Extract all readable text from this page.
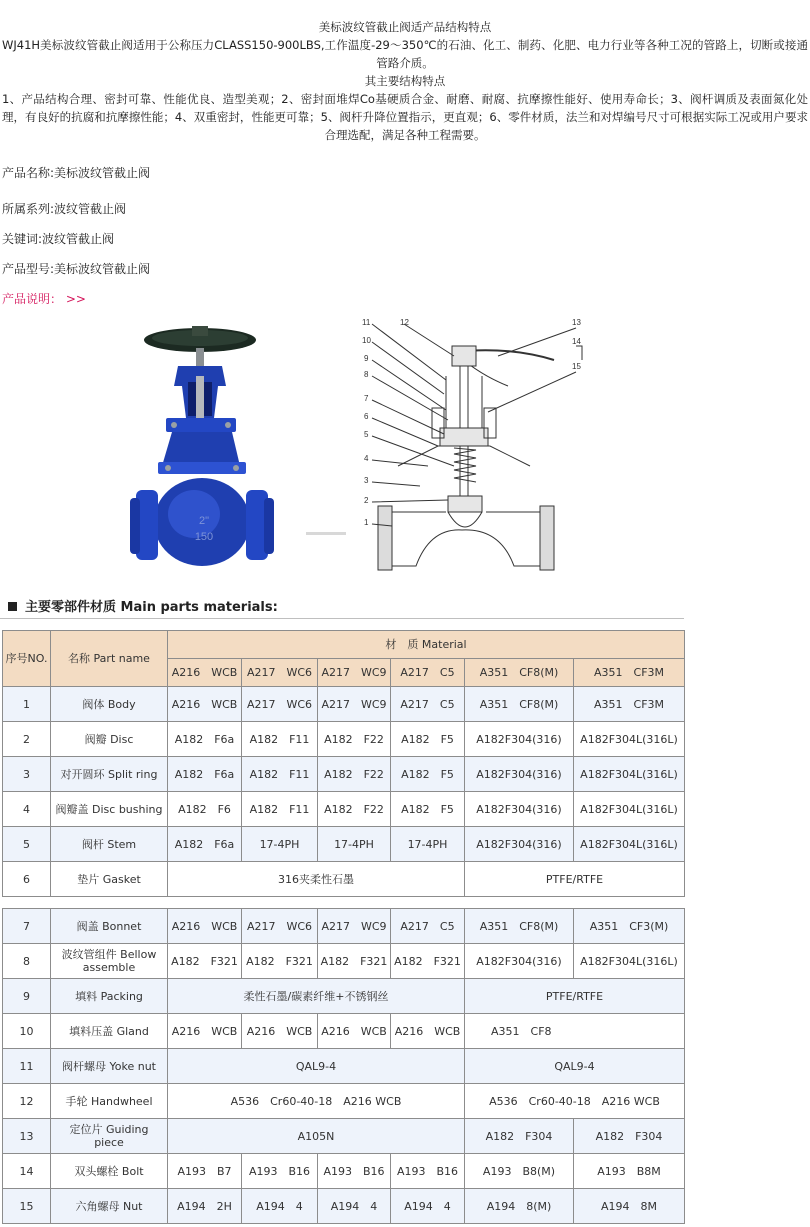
美标波纹管截止阀适产品结构特点

WJ41H美标波纹管截止阀适用于公称压力CLASS150-900LBS,工作温度-29～350℃的石油、化工、制药、化肥、电力行业等各种工况的管路上，切断或接通管路介质。

其主要结构特点

1、产品结构合理、密封可靠、性能优良、造型美观；2、密封面堆焊Co基硬质合金、耐磨、耐腐、抗摩擦性能好、使用寿命长；3、阀杆调质及表面氮化处理，有良好的抗腐和抗摩擦性能；4、双重密封，性能更可靠；5、阀杆升降位置指示，更直观；6、零件材质，法兰和对焊编号尺寸可根据实际工况或用户要求合理选配，满足各种工程需要。

产品名称:美标波纹管截止阀
所属系列:波纹管截止阀
关键词:波纹管截止阀
产品型号:美标波纹管截止阀
产品说明： >>
2"
150
1
2
3
4
5
6
7
8
9
10
11	12	13
14
15
主要零部件材质 Main parts materials:
序号NO.	名称 Part name	材　质 Material					
		A216　WCB	A217　WC6	A217　WC9	A217　C5	A351　CF8(M)	A351　CF3M
1	阀体 Body	A216　WCB	A217　WC6	A217　WC9	A217　C5	A351　CF8(M)	A351　CF3M
2	阀瓣 Disc	A182　F6a	A182　F11	A182　F22	A182　F5	A182F304(316)	A182F304L(316L)
3	对开圆环 Split ring	A182　F6a	A182　F11	A182　F22	A182　F5	A182F304(316)	A182F304L(316L)
4	阀瓣盖 Disc bushing	A182　F6	A182　F11	A182　F22	A182　F5	A182F304(316)	A182F304L(316L)
5	阀杆 Stem	A182　F6a	17-4PH	17-4PH	17-4PH	A182F304(316)	A182F304L(316L)
6	垫片 Gasket	316夹柔性石墨				PTFE/RTFE	
7	阀盖 Bonnet	A216　WCB	A217　WC6	A217　WC9	A217　C5	A351　CF8(M)	A351　CF3(M)
8	波纹管组件 Bellow assemble	A182　F321	A182　F321	A182　F321	A182　F321	A182F304(316)	A182F304L(316L)
9	填料 Packing	柔性石墨/碳素纤维+不锈钢丝				PTFE/RTFE	
10	填料压盖 Gland	A216　WCB	A216　WCB	A216　WCB	A216　WCB	A351　CF8	
11	阀杆螺母 Yoke nut	QAL9-4				QAL9-4	
12	手轮 Handwheel	A536　Cr60-40-18　A216 WCB				A536　Cr60-40-18　A216 WCB	
13	定位片 Guiding piece	A105N				A182　F304	A182　F304
14	双头螺栓 Bolt	A193　B7	A193　B16	A193　B16	A193　B16	A193　B8(M)	A193　B8M
15	六角螺母 Nut	A194　2H	A194　4	A194　4	A194　4	A194　8(M)	A194　8M
